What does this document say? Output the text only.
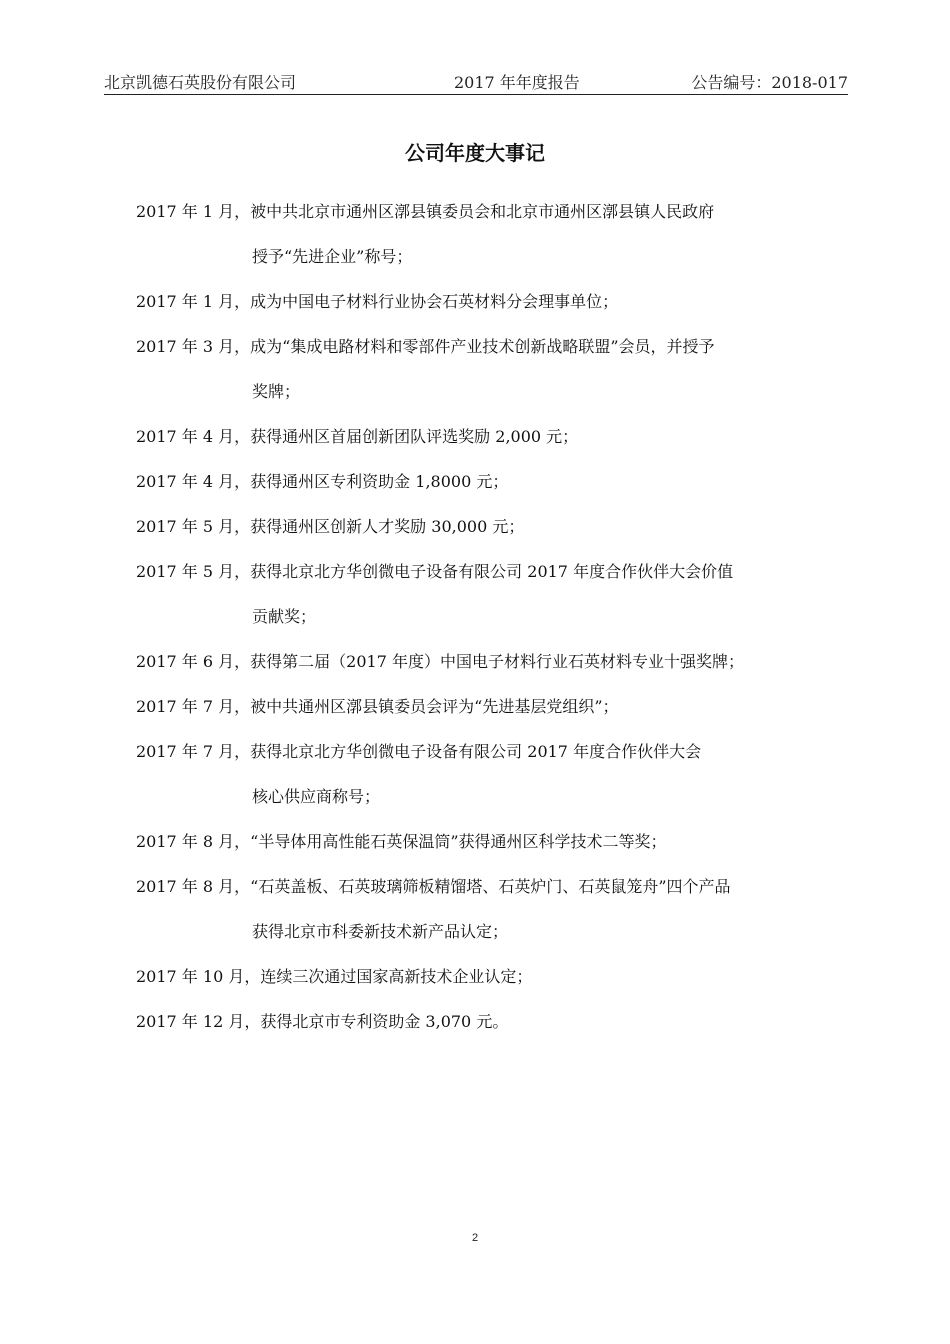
北京凯德石英股份有限公司	2017 年年度报告	公告编号：2018-017
公司年度大事记
2017 年 1 月，被中共北京市通州区漷县镇委员会和北京市通州区漷县镇人民政府
授予“先进企业”称号；
2017 年 1 月，成为中国电子材料行业协会石英材料分会理事单位；
2017 年 3 月，成为“集成电路材料和零部件产业技术创新战略联盟”会员，并授予
奖牌；
2017 年 4 月，获得通州区首届创新团队评选奖励 2,000 元；
2017 年 4 月，获得通州区专利资助金 1,8000 元；
2017 年 5 月，获得通州区创新人才奖励 30,000 元；
2017 年 5 月，获得北京北方华创微电子设备有限公司 2017 年度合作伙伴大会价值
贡献奖；
2017 年 6 月，获得第二届（2017 年度）中国电子材料行业石英材料专业十强奖牌；
2017 年 7 月，被中共通州区漷县镇委员会评为“先进基层党组织”；
2017 年 7 月，获得北京北方华创微电子设备有限公司 2017 年度合作伙伴大会
核心供应商称号；
2017 年 8 月，“半导体用高性能石英保温筒”获得通州区科学技术二等奖；
2017 年 8 月，“石英盖板、石英玻璃筛板精馏塔、石英炉门、石英鼠笼舟”四个产品
获得北京市科委新技术新产品认定；
2017 年 10 月，连续三次通过国家高新技术企业认定；
2017 年 12 月，获得北京市专利资助金 3,070 元。
2
